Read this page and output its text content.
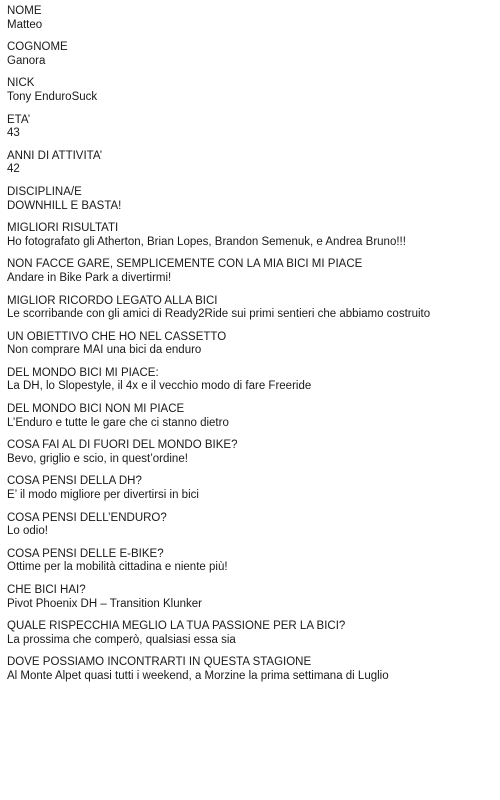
NOME
Matteo
COGNOME
Ganora
NICK
Tony EnduroSuck
ETA’
43
ANNI DI ATTIVITA’
42
DISCIPLINA/E
DOWNHILL E BASTA!
MIGLIORI RISULTATI
Ho fotografato gli Atherton, Brian Lopes, Brandon Semenuk, e Andrea Bruno!!!
NON FACCE GARE, SEMPLICEMENTE CON LA MIA BICI MI PIACE
Andare in Bike Park a divertirmi!
MIGLIOR RICORDO LEGATO ALLA BICI
Le scorribande con gli amici di Ready2Ride sui primi sentieri che abbiamo costruito
UN OBIETTIVO CHE HO NEL CASSETTO
Non comprare MAI una bici da enduro
DEL MONDO BICI MI PIACE:
La DH, lo Slopestyle, il 4x e il vecchio modo di fare Freeride
DEL MONDO BICI NON MI PIACE
L’Enduro e tutte le gare che ci stanno dietro
COSA FAI AL DI FUORI DEL MONDO BIKE?
Bevo, griglio e scio, in quest’ordine!
COSA PENSI DELLA DH?
E’ il modo migliore per divertirsi in bici
COSA PENSI DELL’ENDURO?
Lo odio!
COSA PENSI DELLE E-BIKE?
Ottime per la mobilità cittadina e niente più!
CHE BICI HAI?
Pivot Phoenix DH – Transition Klunker
QUALE RISPECCHIA MEGLIO LA TUA PASSIONE PER LA BICI?
La prossima che comperò, qualsiasi essa sia
DOVE POSSIAMO INCONTRARTI IN QUESTA STAGIONE
Al Monte Alpet quasi tutti i weekend, a Morzine la prima settimana di Luglio
